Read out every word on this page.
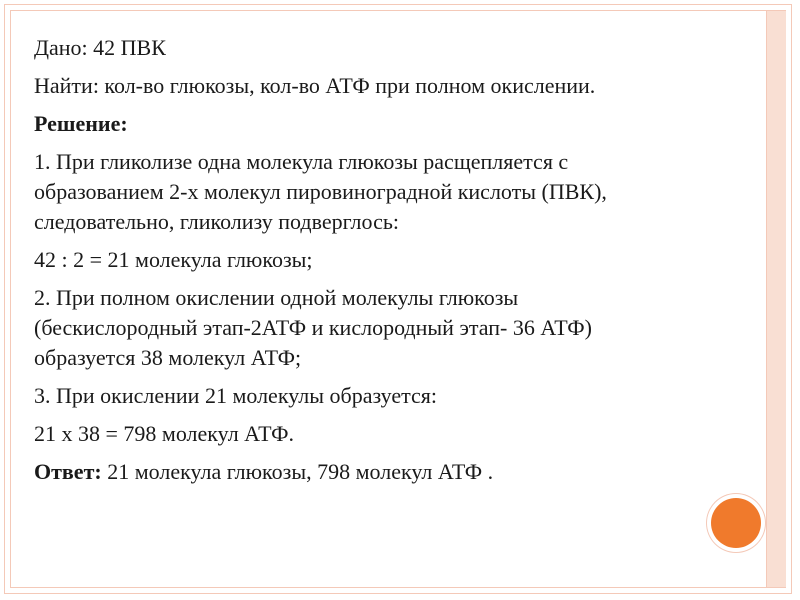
Дано: 42 ПВК

Найти: кол-во глюкозы, кол-во АТФ при полном окислении.

Решение:

1. При гликолизе одна молекула глюкозы расщепляется с
образованием 2-х молекул пировиноградной кислоты (ПВК),
следовательно, гликолизу подверглось:

42 : 2 = 21 молекула глюкозы;

2. При полном окислении одной молекулы глюкозы
(бескислородный этап-2АТФ и кислородный этап- 36 АТФ)
образуется 38 молекул АТФ;

3. При окислении 21 молекулы образуется:

21 х 38 = 798 молекул АТФ.

Ответ: 21 молекула глюкозы, 798 молекул АТФ .
